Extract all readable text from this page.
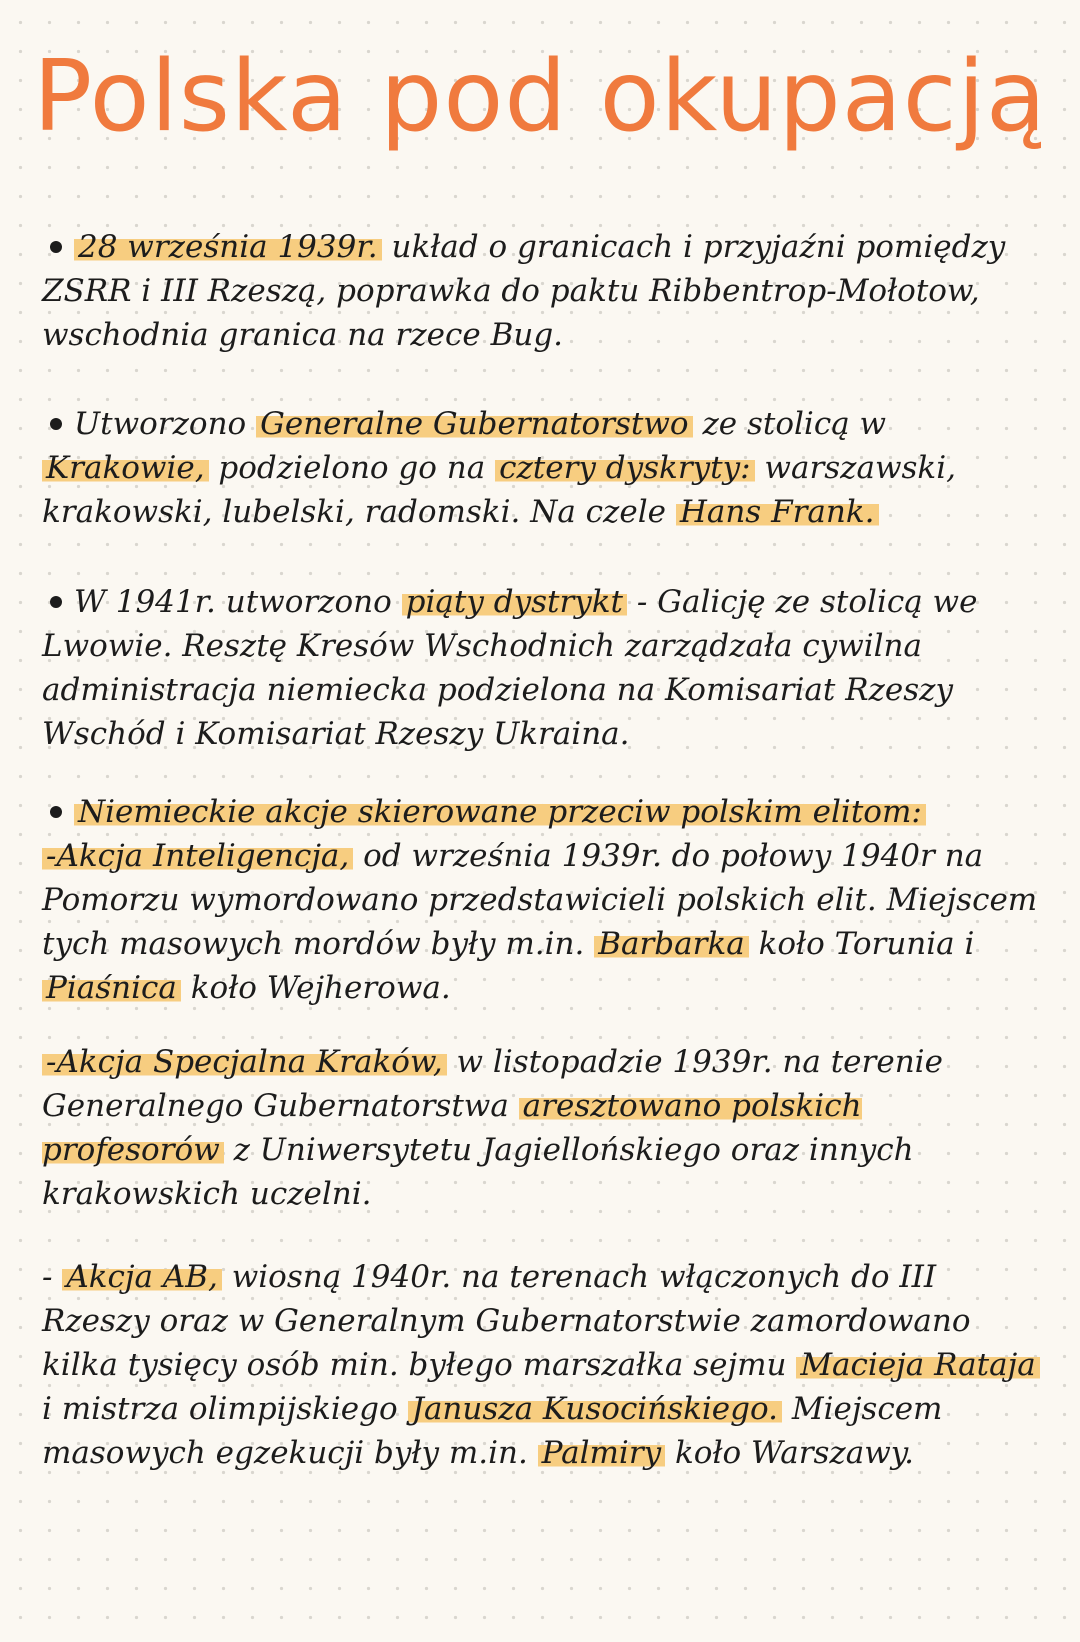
Polska pod okupacją

28 września 1939r. układ o granicach i przyjaźni pomiędzy ZSRR i III Rzeszą, poprawka do paktu Ribbentrop-Mołotow, wschodnia granica na rzece Bug.

Utworzono Generalne Gubernatorstwo ze stolicą w Krakowie, podzielono go na cztery dyskryty: warszawski, krakowski, lubelski, radomski. Na czele Hans Frank.

W 1941r. utworzono piąty dystrykt - Galicję ze stolicą we Lwowie. Resztę Kresów Wschodnich zarządzała cywilna administracja niemiecka podzielona na Komisariat Rzeszy Wschód i Komisariat Rzeszy Ukraina.

Niemieckie akcje skierowane przeciw polskim elitom:

-Akcja Inteligencja, od września 1939r. do połowy 1940r na Pomorzu wymordowano przedstawicieli polskich elit. Miejscem tych masowych mordów były m.in. Barbarka koło Torunia i Piaśnica koło Wejherowa.

-Akcja Specjalna Kraków, w listopadzie 1939r. na terenie Generalnego Gubernatorstwa aresztowano polskich profesorów z Uniwersytetu Jagiellońskiego oraz innych krakowskich uczelni.

- Akcja AB, wiosną 1940r. na terenach włączonych do III Rzeszy oraz w Generalnym Gubernatorstwie zamordowano kilka tysięcy osób min. byłego marszałka sejmu Macieja Rataja i mistrza olimpijskiego Janusza Kusocińskiego. Miejscem masowych egzekucji były m.in. Palmiry koło Warszawy.
